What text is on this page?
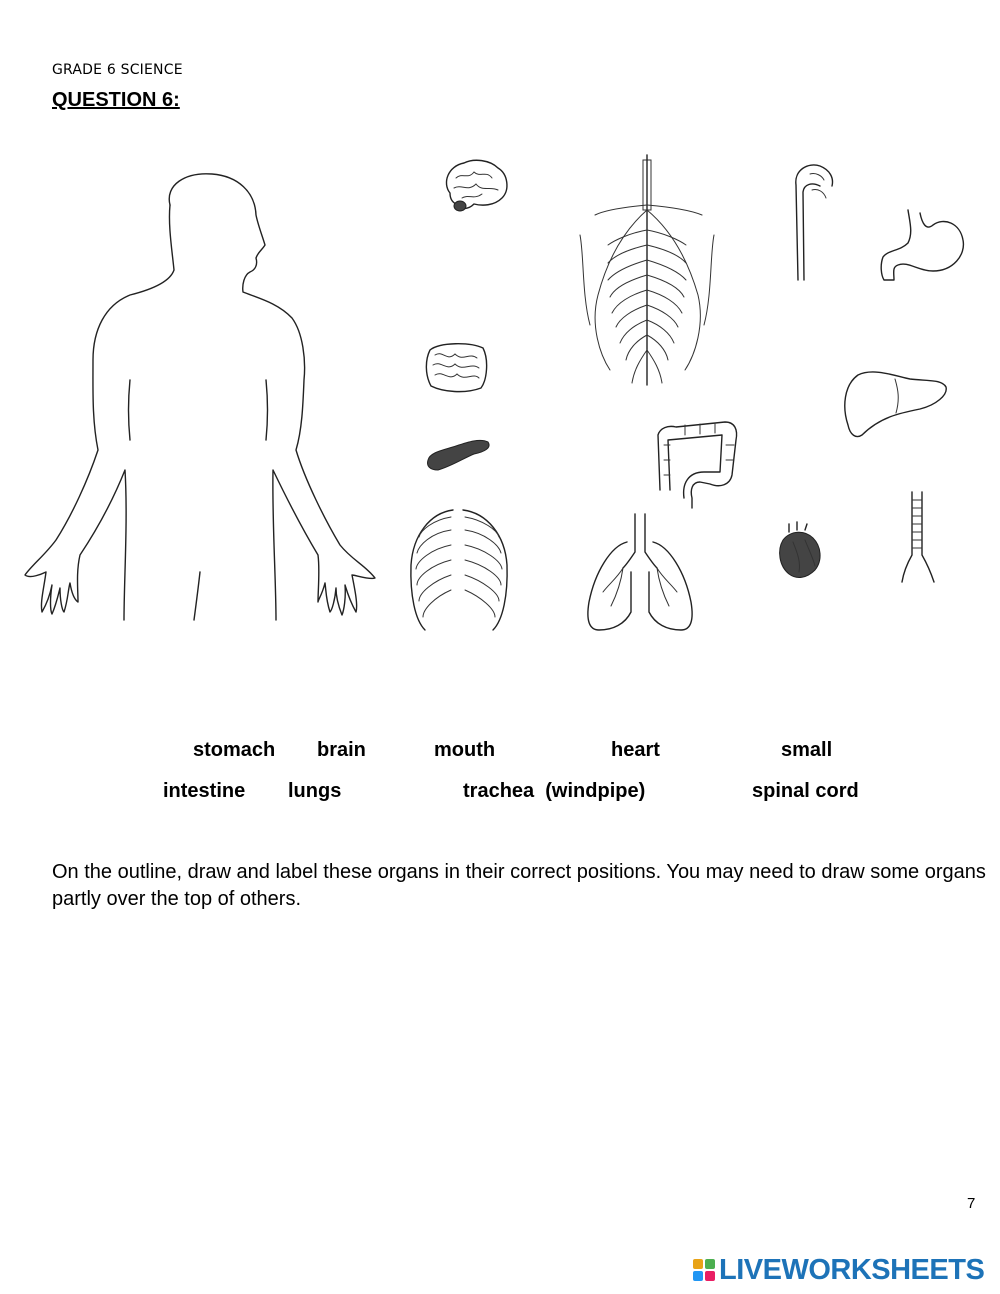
GRADE 6 SCIENCE
QUESTION 6:
stomach brain	mouth	heart	small
intestine lungs	trachea  (windpipe)	spinal cord
On the outline, draw and label these organs in their correct positions. You may need to draw some organs partly over the top of others.
7
LIVEWORKSHEETS
